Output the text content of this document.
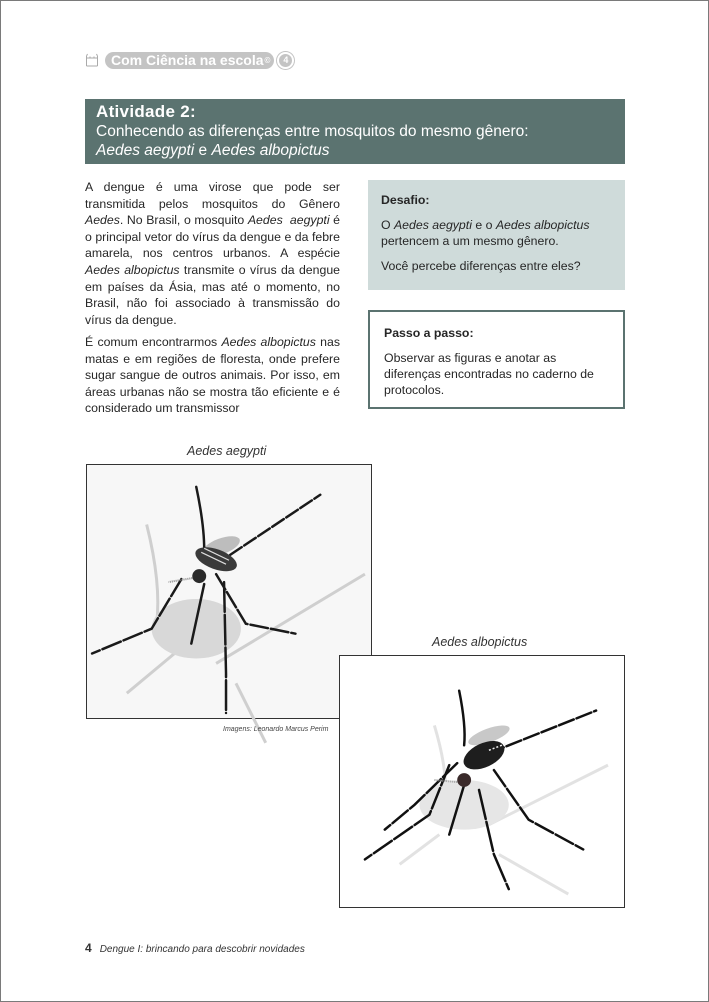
Com Ciência na escola ©	4
Atividade 2:
Conhecendo as diferenças entre mosquitos do mesmo gênero:
Aedes aegypti e Aedes albopictus

A dengue é uma virose que pode ser transmitida pelos mosquitos do Gênero Aedes. No Brasil, o mosquito Aedes  aegypti é o principal vetor do vírus da dengue e da febre amarela, nos centros urbanos. A espécie Aedes albopictus transmite o vírus da dengue em países da Ásia, mas até o momento, no Brasil, não foi associado à transmissão do vírus da dengue.

É comum encontrarmos Aedes albopictus nas matas e em regiões de floresta, onde prefere sugar sangue de outros animais. Por isso, em áreas urbanas não se mostra tão eficiente e é considerado um transmissor

Desafio:

O Aedes aegypti e o Aedes albopictus pertencem a um mesmo gênero.

Você percebe diferenças entre eles?

Passo a passo:

Observar as figuras e anotar as diferenças encontradas no caderno de protocolos.

Aedes aegypti
Imagens: Leonardo Marcus Perim
Aedes albopictus
4 Dengue I: brincando para descobrir novidades
